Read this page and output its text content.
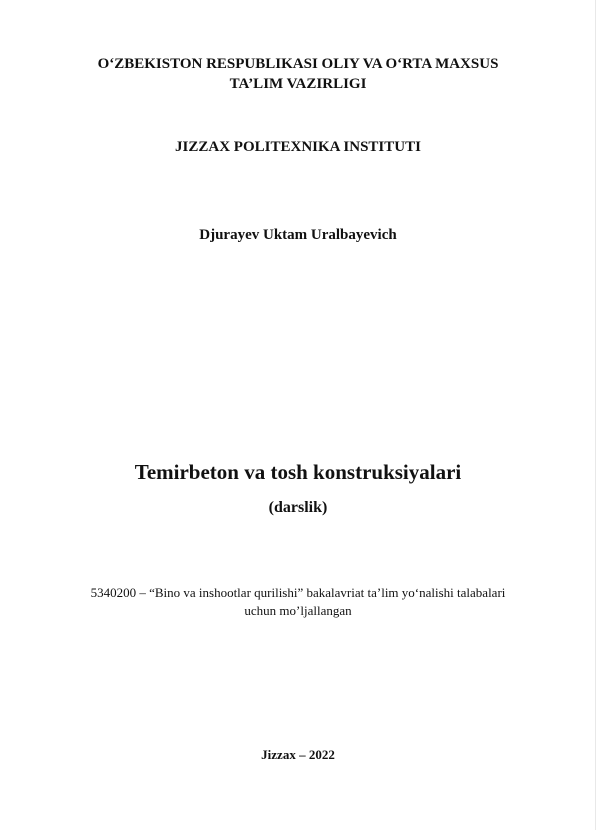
O‘ZBEKISTON RESPUBLIKASI OLIY VA O‘RTA MAXSUS
TA’LIM VAZIRLIGI
JIZZAX POLITEXNIKA INSTITUTI
Djurayev Uktam Uralbayevich
Temirbeton va tosh konstruksiyalari
(darslik)
5340200 – “Bino va inshootlar qurilishi” bakalavriat ta’lim yo‘nalishi talabalari
uchun mo’ljallangan
Jizzax – 2022
